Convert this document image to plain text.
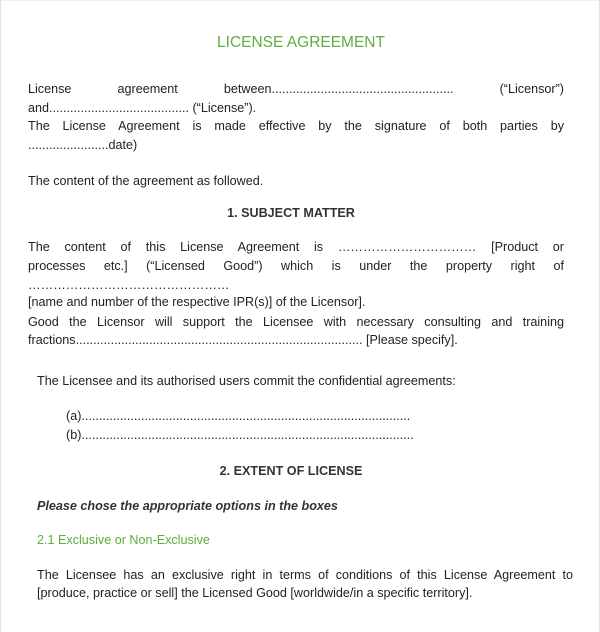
LICENSE AGREEMENT
License	agreement	between....................................................	(“Licensor”)
and........................................ (“License”).
The License Agreement is made effective by the signature of both parties by
.......................date)
The content of the agreement as followed.
1. SUBJECT MATTER
The content of this License Agreement is …………………………… [Product or
processes etc.] (“Licensed Good”) which is under the property right of
…………………………………………
[name and number of the respective IPR(s)] of the Licensor].
Good the Licensor will support the Licensee with necessary consulting and training
fractions.................................................................................. [Please specify].
The Licensee and its authorised users commit the confidential agreements:
(a)..............................................................................................
(b)...............................................................................................
2. EXTENT OF LICENSE
Please chose the appropriate options in the boxes
2.1 Exclusive or Non-Exclusive
The Licensee has an exclusive right in terms of conditions of this License Agreement to
[produce, practice or sell] the Licensed Good [worldwide/in a specific territory].
